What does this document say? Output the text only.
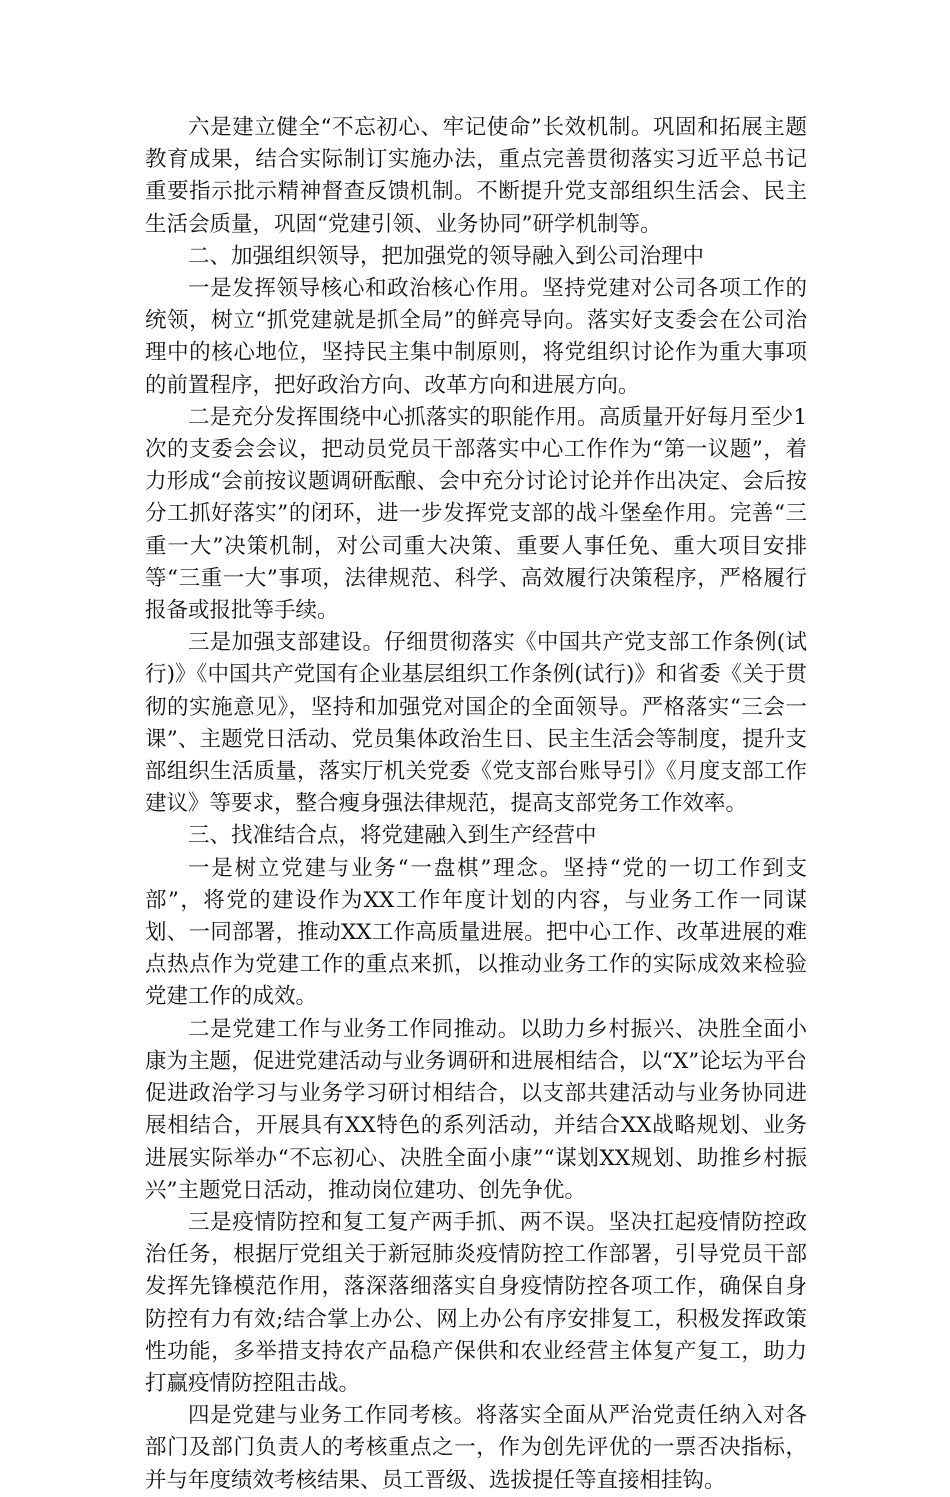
六是建立健全“不忘初心、牢记使命”长效机制。巩固和拓展主题教育成果，结合实际制订实施办法，重点完善贯彻落实习近平总书记重要指示批示精神督查反馈机制。不断提升党支部组织生活会、民主生活会质量，巩固“党建引领、业务协同”研学机制等。

二、加强组织领导，把加强党的领导融入到公司治理中

一是发挥领导核心和政治核心作用。坚持党建对公司各项工作的统领，树立“抓党建就是抓全局”的鲜亮导向。落实好支委会在公司治理中的核心地位，坚持民主集中制原则，将党组织讨论作为重大事项的前置程序，把好政治方向、改革方向和进展方向。

二是充分发挥围绕中心抓落实的职能作用。高质量开好每月至少1次的支委会会议，把动员党员干部落实中心工作作为“第一议题”，着力形成“会前按议题调研酝酿、会中充分讨论讨论并作出决定、会后按分工抓好落实”的闭环，进一步发挥党支部的战斗堡垒作用。完善“三重一大”决策机制，对公司重大决策、重要人事任免、重大项目安排等“三重一大”事项，法律规范、科学、高效履行决策程序，严格履行报备或报批等手续。

三是加强支部建设。仔细贯彻落实《中国共产党支部工作条例(试行)》《中国共产党国有企业基层组织工作条例(试行)》和省委《关于贯彻的实施意见》，坚持和加强党对国企的全面领导。严格落实“三会一课”、主题党日活动、党员集体政治生日、民主生活会等制度，提升支部组织生活质量，落实厅机关党委《党支部台账导引》《月度支部工作建议》等要求，整合瘦身强法律规范，提高支部党务工作效率。

三、找准结合点，将党建融入到生产经营中

一是树立党建与业务“一盘棋”理念。坚持“党的一切工作到支部”，将党的建设作为XX工作年度计划的内容，与业务工作一同谋划、一同部署，推动XX工作高质量进展。把中心工作、改革进展的难点热点作为党建工作的重点来抓，以推动业务工作的实际成效来检验党建工作的成效。

二是党建工作与业务工作同推动。以助力乡村振兴、决胜全面小康为主题，促进党建活动与业务调研和进展相结合，以“X”论坛为平台促进政治学习与业务学习研讨相结合，以支部共建活动与业务协同进展相结合，开展具有XX特色的系列活动，并结合XX战略规划、业务进展实际举办“不忘初心、决胜全面小康”“谋划XX规划、助推乡村振兴”主题党日活动，推动岗位建功、创先争优。

三是疫情防控和复工复产两手抓、两不误。坚决扛起疫情防控政治任务，根据厅党组关于新冠肺炎疫情防控工作部署，引导党员干部发挥先锋模范作用，落深落细落实自身疫情防控各项工作，确保自身防控有力有效;结合掌上办公、网上办公有序安排复工，积极发挥政策性功能，多举措支持农产品稳产保供和农业经营主体复产复工，助力打赢疫情防控阻击战。

四是党建与业务工作同考核。将落实全面从严治党责任纳入对各部门及部门负责人的考核重点之一，作为创先评优的一票否决指标，并与年度绩效考核结果、员工晋级、选拔提任等直接相挂钩。
